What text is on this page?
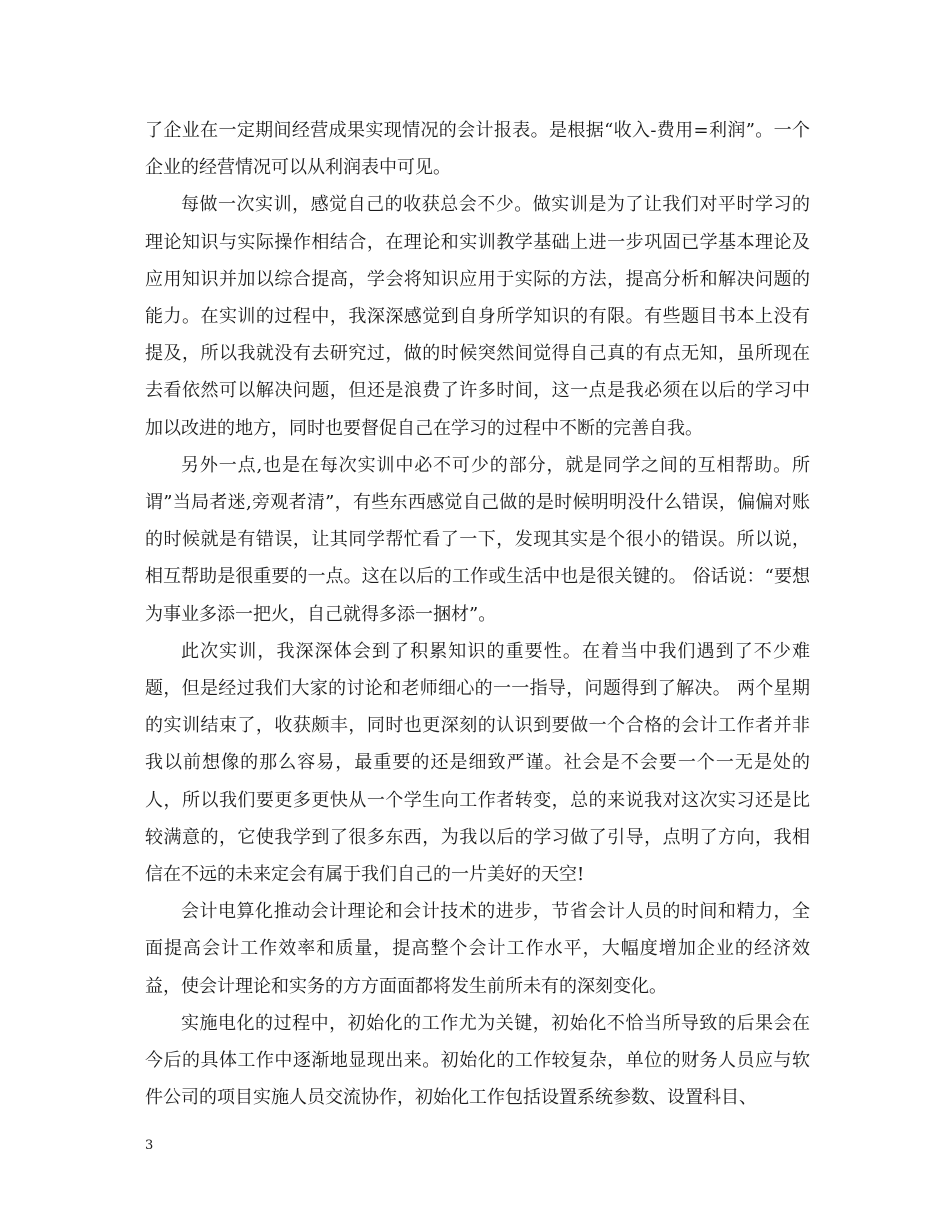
了企业在一定期间经营成果实现情况的会计报表。是根据“收入-费用=利润”。一个企业的经营情况可以从利润表中可见。

每做一次实训，感觉自己的收获总会不少。做实训是为了让我们对平时学习的理论知识与实际操作相结合，在理论和实训教学基础上进一步巩固已学基本理论及应用知识并加以综合提高，学会将知识应用于实际的方法，提高分析和解决问题的能力。在实训的过程中，我深深感觉到自身所学知识的有限。有些题目书本上没有提及，所以我就没有去研究过，做的时候突然间觉得自己真的有点无知，虽所现在去看依然可以解决问题，但还是浪费了许多时间，这一点是我必须在以后的学习中加以改进的地方，同时也要督促自己在学习的过程中不断的完善自我。

另外一点,也是在每次实训中必不可少的部分，就是同学之间的互相帮助。所谓”当局者迷,旁观者清”，有些东西感觉自己做的是时候明明没什么错误，偏偏对账的时候就是有错误，让其同学帮忙看了一下，发现其实是个很小的错误。所以说，相互帮助是很重要的一点。这在以后的工作或生活中也是很关键的。 俗话说：“要想为事业多添一把火，自己就得多添一捆材”。

此次实训，我深深体会到了积累知识的重要性。在着当中我们遇到了不少难题，但是经过我们大家的讨论和老师细心的一一指导，问题得到了解决。 两个星期的实训结束了，收获颇丰，同时也更深刻的认识到要做一个合格的会计工作者并非我以前想像的那么容易，最重要的还是细致严谨。社会是不会要一个一无是处的人，所以我们要更多更快从一个学生向工作者转变，总的来说我对这次实习还是比较满意的，它使我学到了很多东西，为我以后的学习做了引导，点明了方向，我相信在不远的未来定会有属于我们自己的一片美好的天空!

会计电算化推动会计理论和会计技术的进步，节省会计人员的时间和精力，全面提高会计工作效率和质量，提高整个会计工作水平，大幅度增加企业的经济效益，使会计理论和实务的方方面面都将发生前所未有的深刻变化。

实施电化的过程中，初始化的工作尤为关键，初始化不恰当所导致的后果会在今后的具体工作中逐渐地显现出来。初始化的工作较复杂，单位的财务人员应与软件公司的项目实施人员交流协作，初始化工作包括设置系统参数、设置科目、

3
